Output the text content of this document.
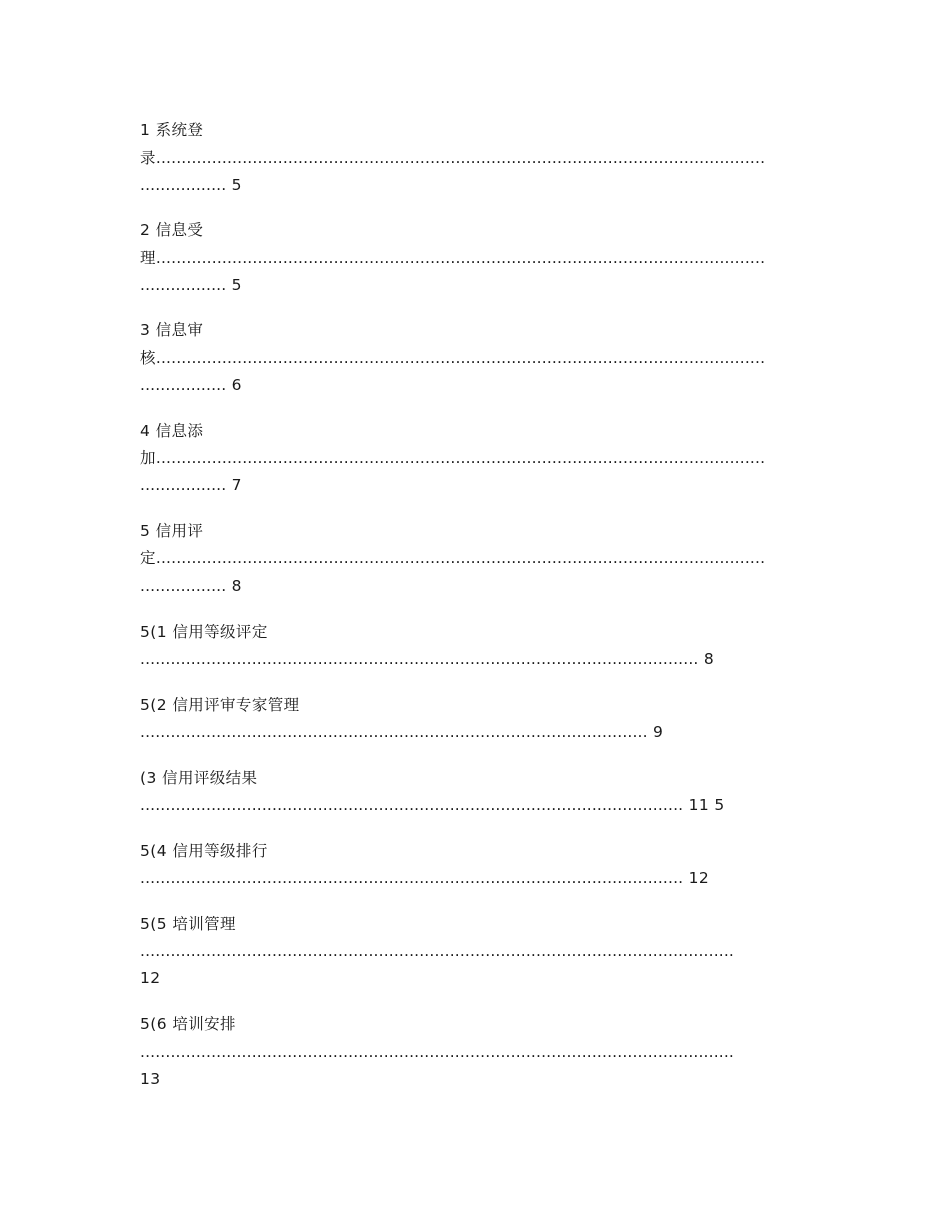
1 系统登
录........................................................................................................................
................. 5
2 信息受
理........................................................................................................................
................. 5
3 信息审
核........................................................................................................................
................. 6
4 信息添
加........................................................................................................................
................. 7
5 信用评
定........................................................................................................................
................. 8
5(1 信用等级评定
.............................................................................................................. 8
5(2 信用评审专家管理
.................................................................................................... 9
(3 信用评级结果
........................................................................................................... 11 5
5(4 信用等级排行
........................................................................................................... 12
5(5 培训管理
.....................................................................................................................
12
5(6 培训安排
.....................................................................................................................
13
